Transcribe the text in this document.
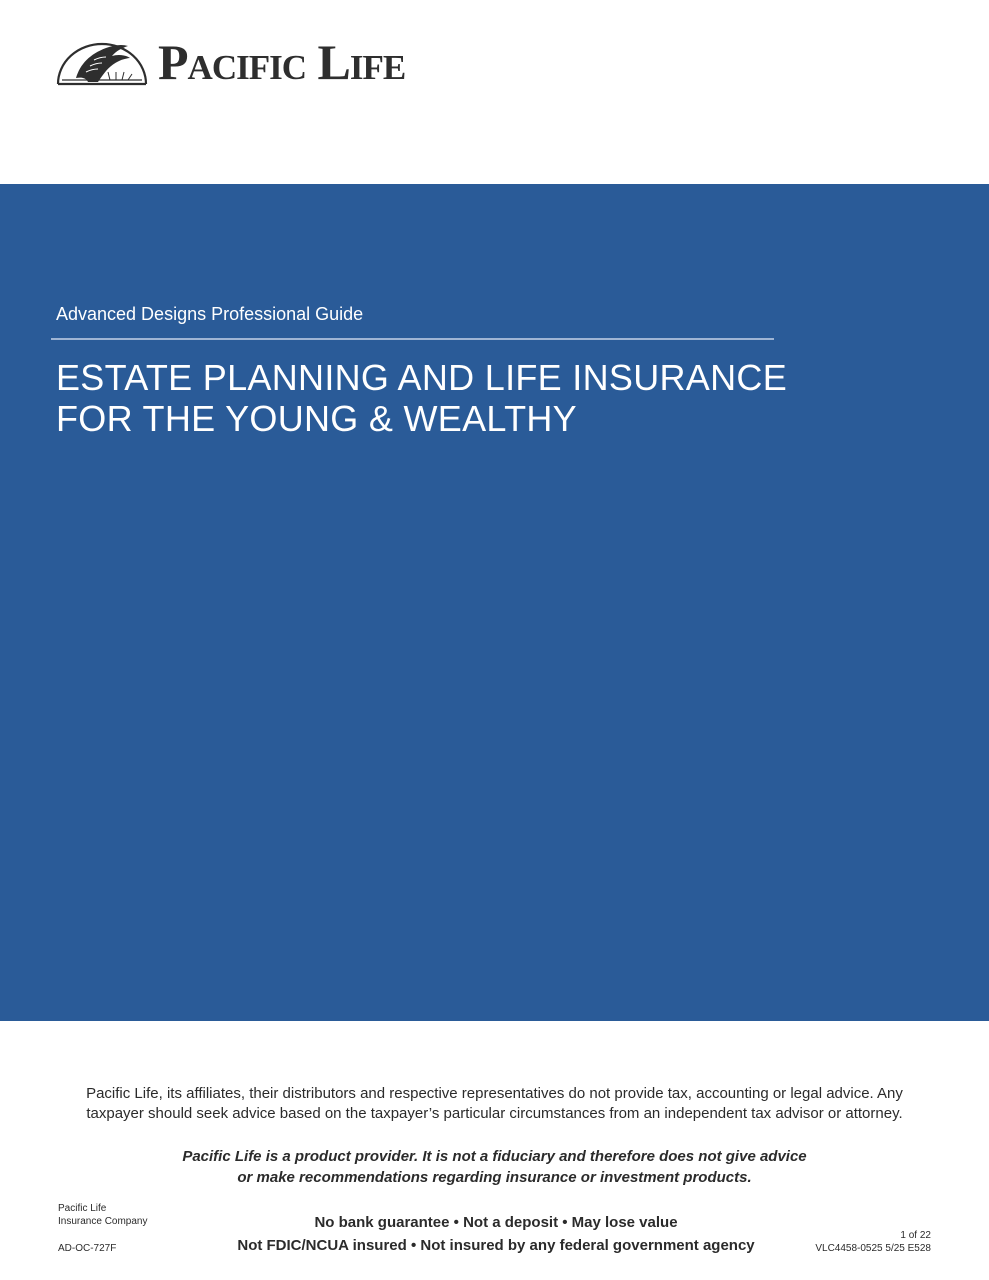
Pacific Life
Advanced Designs Professional Guide
ESTATE PLANNING AND LIFE INSURANCE
FOR THE YOUNG & WEALTHY
Pacific Life, its affiliates, their distributors and respective representatives do not provide tax, accounting or legal advice. Any
taxpayer should seek advice based on the taxpayer’s particular circumstances from an independent tax advisor or attorney.
Pacific Life is a product provider. It is not a fiduciary and therefore does not give advice
or make recommendations regarding insurance or investment products.
Pacific Life
Insurance Company
AD-OC-727F
No bank guarantee • Not a deposit • May lose value
Not FDIC/NCUA insured • Not insured by any federal government agency
1 of 22
VLC4458-0525 5/25 E528
